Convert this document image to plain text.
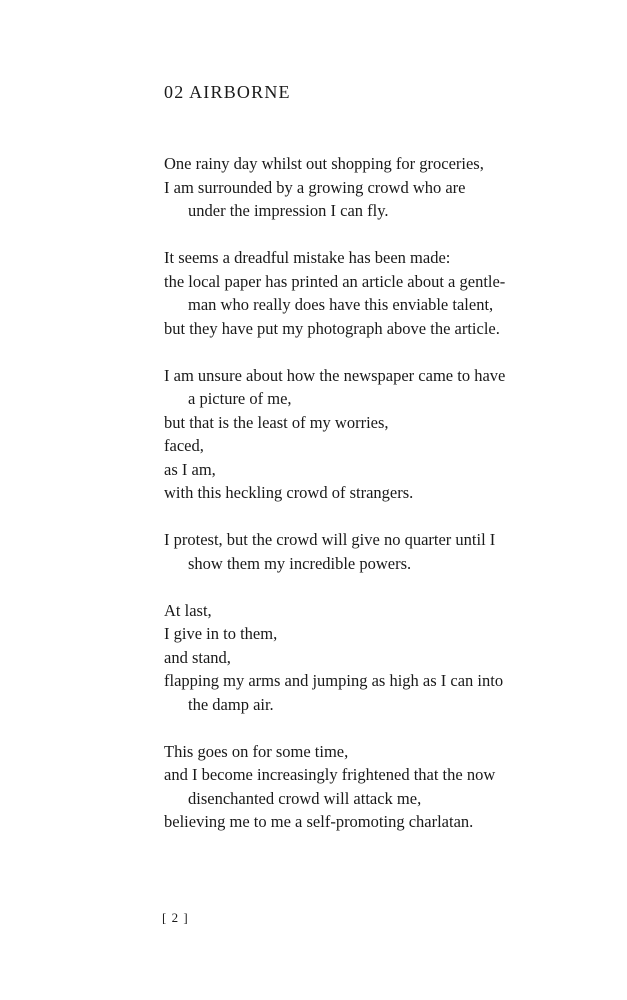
02 AIRBORNE
One rainy day whilst out shopping for groceries,
I am surrounded by a growing crowd who are
under the impression I can fly.
It seems a dreadful mistake has been made:
the local paper has printed an article about a gentle-
man who really does have this enviable talent,
but they have put my photograph above the article.
I am unsure about how the newspaper came to have
a picture of me,
but that is the least of my worries,
faced,
as I am,
with this heckling crowd of strangers.
I protest, but the crowd will give no quarter until I
show them my incredible powers.
At last,
I give in to them,
and stand,
flapping my arms and jumping as high as I can into
the damp air.
This goes on for some time,
and I become increasingly frightened that the now
disenchanted crowd will attack me,
believing me to me a self-promoting charlatan.
[ 2 ]
